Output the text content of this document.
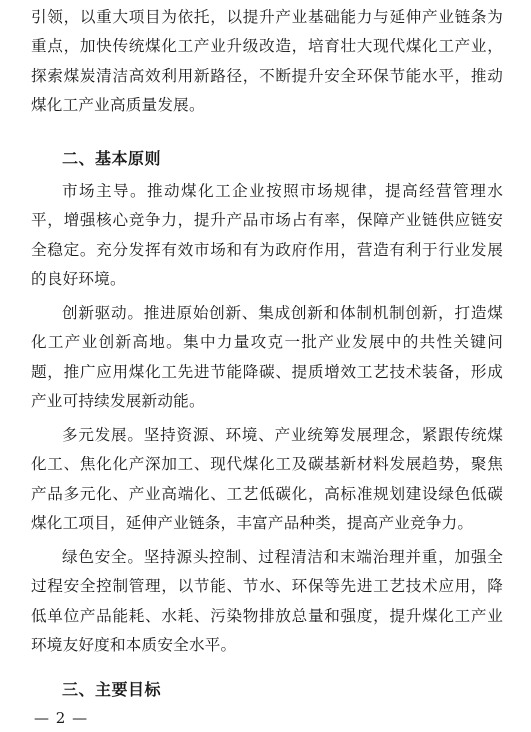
引领，以重大项目为依托，以提升产业基础能力与延伸产业链条为重点，加快传统煤化工产业升级改造，培育壮大现代煤化工产业，探索煤炭清洁高效利用新路径，不断提升安全环保节能水平，推动煤化工产业高质量发展。

二、基本原则

市场主导。推动煤化工企业按照市场规律，提高经营管理水平，增强核心竞争力，提升产品市场占有率，保障产业链供应链安全稳定。充分发挥有效市场和有为政府作用，营造有利于行业发展的良好环境。

创新驱动。推进原始创新、集成创新和体制机制创新，打造煤化工产业创新高地。集中力量攻克一批产业发展中的共性关键问题，推广应用煤化工先进节能降碳、提质增效工艺技术装备，形成产业可持续发展新动能。

多元发展。坚持资源、环境、产业统筹发展理念，紧跟传统煤化工、焦化化产深加工、现代煤化工及碳基新材料发展趋势，聚焦产品多元化、产业高端化、工艺低碳化，高标准规划建设绿色低碳煤化工项目，延伸产业链条，丰富产品种类，提高产业竞争力。

绿色安全。坚持源头控制、过程清洁和末端治理并重，加强全过程安全控制管理，以节能、节水、环保等先进工艺技术应用，降低单位产品能耗、水耗、污染物排放总量和强度，提升煤化工产业环境友好度和本质安全水平。

三、主要目标
— 2 —
